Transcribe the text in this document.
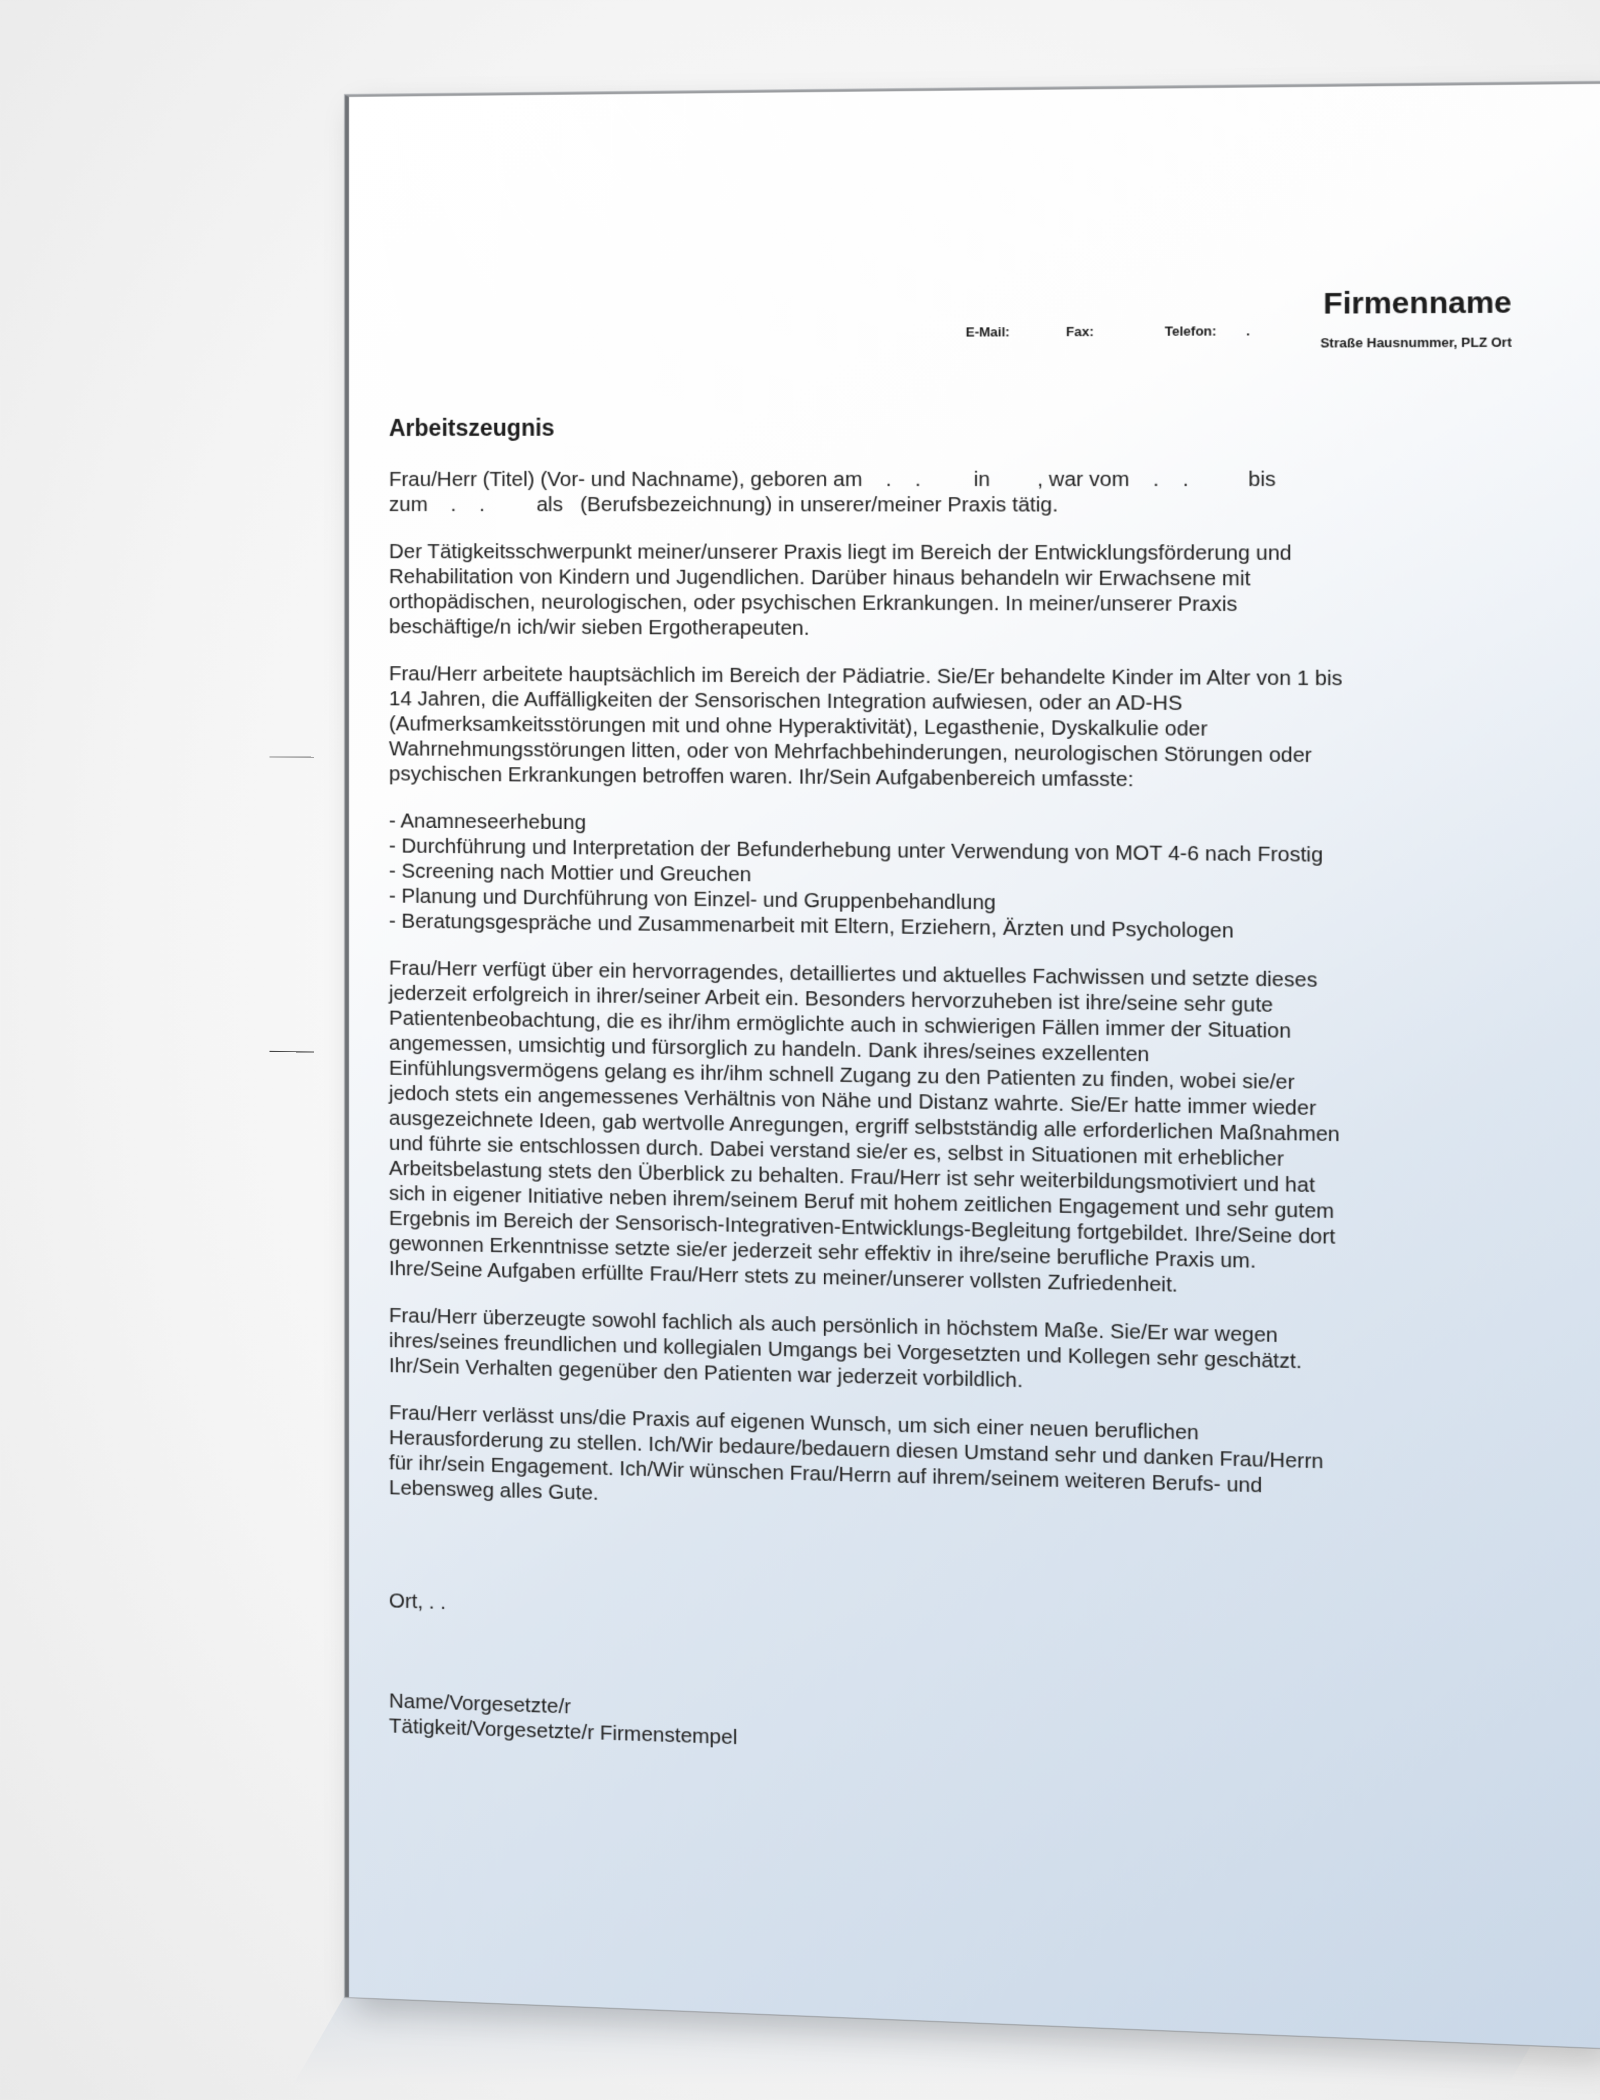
Firmenname
E-Mail:	Fax:	Telefon: .
Straße Hausnummer, PLZ Ort
Arbeitszeugnis

Frau/Herr (Titel) (Vor- und Nachname), geboren am    .    .         in        , war vom    .    .          bis
zum    .    .         als   (Berufsbezeichnung) in unserer/meiner Praxis tätig.

Der Tätigkeitsschwerpunkt meiner/unserer Praxis liegt im Bereich der Entwicklungsförderung und Rehabilitation von Kindern und Jugendlichen. Darüber hinaus behandeln wir Erwachsene mit orthopädischen, neurologischen, oder psychischen Erkrankungen. In meiner/unserer Praxis beschäftige/n ich/wir sieben Ergotherapeuten.

Frau/Herr arbeitete hauptsächlich im Bereich der Pädiatrie. Sie/Er behandelte Kinder im Alter von 1 bis 14 Jahren, die Auffälligkeiten der Sensorischen Integration aufwiesen, oder an AD-HS (Aufmerksamkeitsstörungen mit und ohne Hyperaktivität), Legasthenie, Dyskalkulie oder Wahrnehmungsstörungen litten, oder von Mehrfachbehinderungen, neurologischen Störungen oder psychischen Erkrankungen betroffen waren. Ihr/Sein Aufgabenbereich umfasste:

- Anamneseerhebung
- Durchführung und Interpretation der Befunderhebung unter Verwendung von MOT 4-6 nach Frostig
- Screening nach Mottier und Greuchen
- Planung und Durchführung von Einzel- und Gruppenbehandlung
- Beratungsgespräche und Zusammenarbeit mit Eltern, Erziehern, Ärzten und Psychologen

Frau/Herr verfügt über ein hervorragendes, detailliertes und aktuelles Fachwissen und setzte dieses jederzeit erfolgreich in ihrer/seiner Arbeit ein. Besonders hervorzuheben ist ihre/seine sehr gute Patientenbeobachtung, die es ihr/ihm ermöglichte auch in schwierigen Fällen immer der Situation angemessen, umsichtig und fürsorglich zu handeln. Dank ihres/seines exzellenten Einfühlungsvermögens gelang es ihr/ihm schnell Zugang zu den Patienten zu finden, wobei sie/er jedoch stets ein angemessenes Verhältnis von Nähe und Distanz wahrte. Sie/Er hatte immer wieder ausgezeichnete Ideen, gab wertvolle Anregungen, ergriff selbstständig alle erforderlichen Maßnahmen und führte sie entschlossen durch. Dabei verstand sie/er es, selbst in Situationen mit erheblicher Arbeitsbelastung stets den Überblick zu behalten. Frau/Herr ist sehr weiterbildungsmotiviert und hat sich in eigener Initiative neben ihrem/seinem Beruf mit hohem zeitlichen Engagement und sehr gutem Ergebnis im Bereich der Sensorisch-Integrativen-Entwicklungs-Begleitung fortgebildet. Ihre/Seine dort gewonnen Erkenntnisse setzte sie/er jederzeit sehr effektiv in ihre/seine berufliche Praxis um. Ihre/Seine Aufgaben erfüllte Frau/Herr stets zu meiner/unserer vollsten Zufriedenheit.

Frau/Herr überzeugte sowohl fachlich als auch persönlich in höchstem Maße. Sie/Er war wegen ihres/seines freundlichen und kollegialen Umgangs bei Vorgesetzten und Kollegen sehr geschätzt. Ihr/Sein Verhalten gegenüber den Patienten war jederzeit vorbildlich.

Frau/Herr verlässt uns/die Praxis auf eigenen Wunsch, um sich einer neuen beruflichen Herausforderung zu stellen. Ich/Wir bedaure/bedauern diesen Umstand sehr und danken Frau/Herrn für ihr/sein Engagement. Ich/Wir wünschen Frau/Herrn auf ihrem/seinem weiteren Berufs- und Lebensweg alles Gute.

Ort, . .
Name/Vorgesetzte/r
Tätigkeit/Vorgesetzte/r Firmenstempel
